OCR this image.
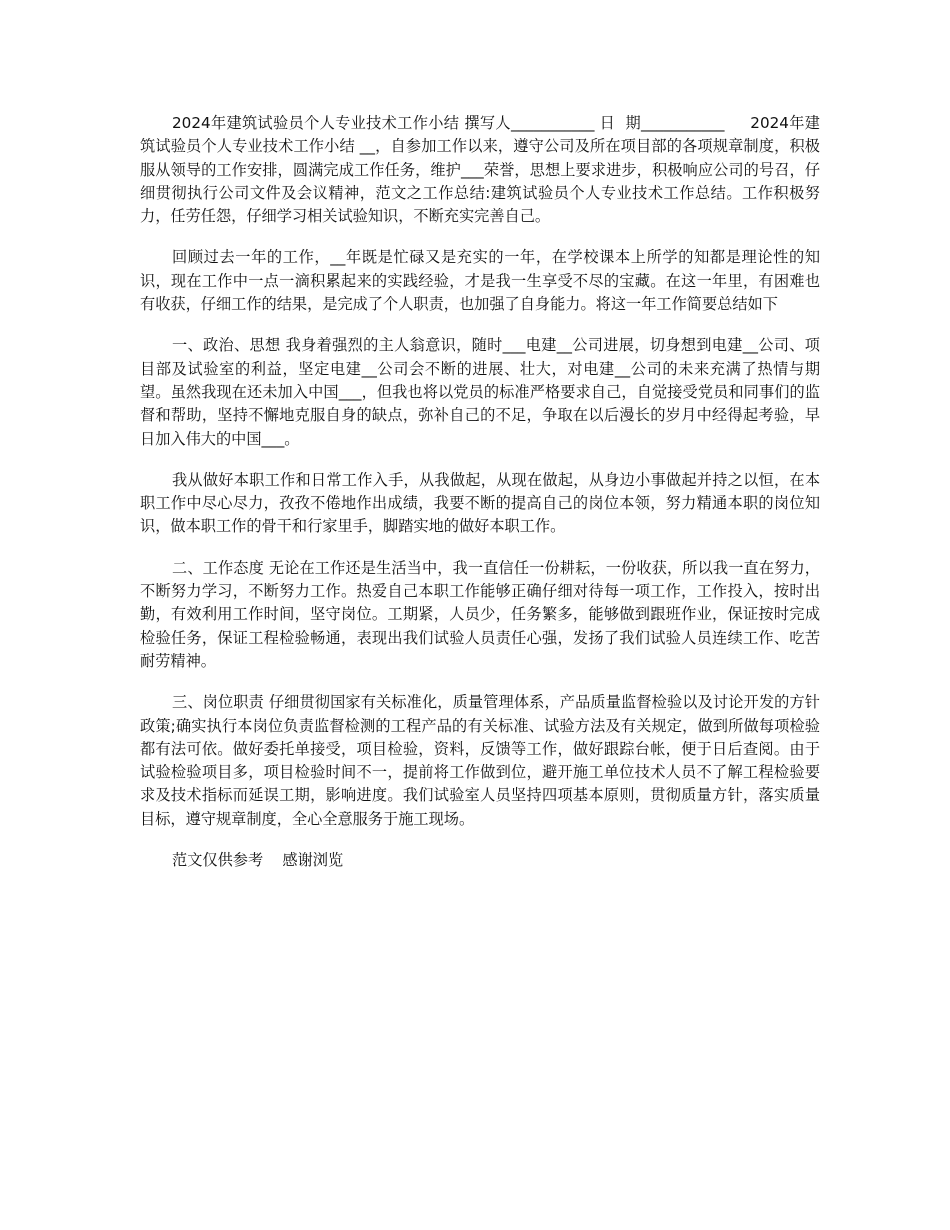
2024年建筑试验员个人专业技术工作小结 撰写人___________ 日  期___________     2024年建筑试验员个人专业技术工作小结 __，自参加工作以来，遵守公司及所在项目部的各项规章制度，积极服从领导的工作安排，圆满完成工作任务，维护___荣誉，思想上要求进步，积极响应公司的号召，仔细贯彻执行公司文件及会议精神，范文之工作总结:建筑试验员个人专业技术工作总结。工作积极努力，任劳任怨，仔细学习相关试验知识，不断充实完善自己。

回顾过去一年的工作，__年既是忙碌又是充实的一年，在学校课本上所学的知都是理论性的知识，现在工作中一点一滴积累起来的实践经验，才是我一生享受不尽的宝藏。在这一年里，有困难也有收获，仔细工作的结果，是完成了个人职责，也加强了自身能力。将这一年工作简要总结如下

一、政治、思想 我身着强烈的主人翁意识，随时___电建__公司进展，切身想到电建__公司、项目部及试验室的利益，坚定电建__公司会不断的进展、壮大，对电建__公司的未来充满了热情与期望。虽然我现在还未加入中国___，但我也将以党员的标准严格要求自己，自觉接受党员和同事们的监督和帮助，坚持不懈地克服自身的缺点，弥补自己的不足，争取在以后漫长的岁月中经得起考验，早日加入伟大的中国___。

我从做好本职工作和日常工作入手，从我做起，从现在做起，从身边小事做起并持之以恒，在本职工作中尽心尽力，孜孜不倦地作出成绩，我要不断的提高自己的岗位本领，努力精通本职的岗位知识，做本职工作的骨干和行家里手，脚踏实地的做好本职工作。

二、工作态度 无论在工作还是生活当中，我一直信任一份耕耘，一份收获，所以我一直在努力，不断努力学习，不断努力工作。热爱自己本职工作能够正确仔细对待每一项工作，工作投入，按时出勤，有效利用工作时间，坚守岗位。工期紧，人员少，任务繁多，能够做到跟班作业，保证按时完成检验任务，保证工程检验畅通，表现出我们试验人员责任心强，发扬了我们试验人员连续工作、吃苦耐劳精神。

三、岗位职责 仔细贯彻国家有关标准化，质量管理体系，产品质量监督检验以及讨论开发的方针政策;确实执行本岗位负责监督检测的工程产品的有关标准、试验方法及有关规定，做到所做每项检验都有法可依。做好委托单接受，项目检验，资料，反馈等工作，做好跟踪台帐，便于日后查阅。由于试验检验项目多，项目检验时间不一，提前将工作做到位，避开施工单位技术人员不了解工程检验要求及技术指标而延误工期，影响进度。我们试验室人员坚持四项基本原则，贯彻质量方针，落实质量目标，遵守规章制度，全心全意服务于施工现场。

范文仅供参考    感谢浏览
